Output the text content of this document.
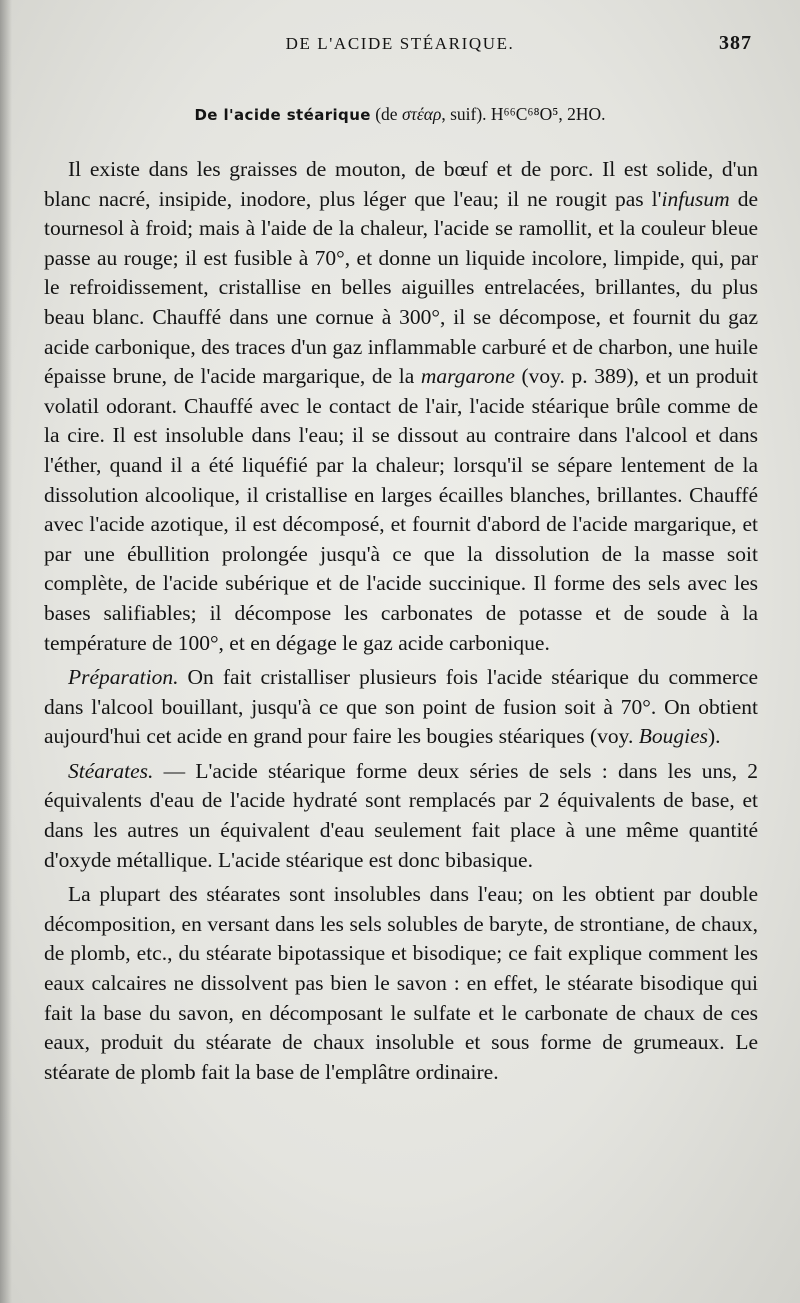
DE L'ACIDE STÉARIQUE.	387
De l'acide stéarique (de στέαρ, suif). H⁶⁶C⁶⁸O⁵, 2HO.

Il existe dans les graisses de mouton, de bœuf et de porc. Il est solide, d'un blanc nacré, insipide, inodore, plus léger que l'eau; il ne rougit pas l'infusum de tournesol à froid; mais à l'aide de la chaleur, l'acide se ramollit, et la couleur bleue passe au rouge; il est fusible à 70°, et donne un liquide incolore, limpide, qui, par le refroidissement, cristallise en belles aiguilles entrelacées, brillantes, du plus beau blanc. Chauffé dans une cornue à 300°, il se décompose, et fournit du gaz acide carbonique, des traces d'un gaz inflammable carburé et de charbon, une huile épaisse brune, de l'acide margarique, de la margarone (voy. p. 389), et un produit volatil odorant. Chauffé avec le contact de l'air, l'acide stéarique brûle comme de la cire. Il est insoluble dans l'eau; il se dissout au contraire dans l'alcool et dans l'éther, quand il a été liquéfié par la chaleur; lorsqu'il se sépare lentement de la dissolution alcoolique, il cristallise en larges écailles blanches, brillantes. Chauffé avec l'acide azotique, il est décomposé, et fournit d'abord de l'acide margarique, et par une ébullition prolongée jusqu'à ce que la dissolution de la masse soit complète, de l'acide subérique et de l'acide succinique. Il forme des sels avec les bases salifiables; il décompose les carbonates de potasse et de soude à la température de 100°, et en dégage le gaz acide carbonique.

Préparation. On fait cristalliser plusieurs fois l'acide stéarique du commerce dans l'alcool bouillant, jusqu'à ce que son point de fusion soit à 70°. On obtient aujourd'hui cet acide en grand pour faire les bougies stéariques (voy. Bougies).

Stéarates. — L'acide stéarique forme deux séries de sels : dans les uns, 2 équivalents d'eau de l'acide hydraté sont remplacés par 2 équivalents de base, et dans les autres un équivalent d'eau seulement fait place à une même quantité d'oxyde métallique. L'acide stéarique est donc bibasique.

La plupart des stéarates sont insolubles dans l'eau; on les obtient par double décomposition, en versant dans les sels solubles de baryte, de strontiane, de chaux, de plomb, etc., du stéarate bipotassique et bisodique; ce fait explique comment les eaux calcaires ne dissolvent pas bien le savon : en effet, le stéarate bisodique qui fait la base du savon, en décomposant le sulfate et le carbonate de chaux de ces eaux, produit du stéarate de chaux insoluble et sous forme de grumeaux. Le stéarate de plomb fait la base de l'emplâtre ordinaire.
